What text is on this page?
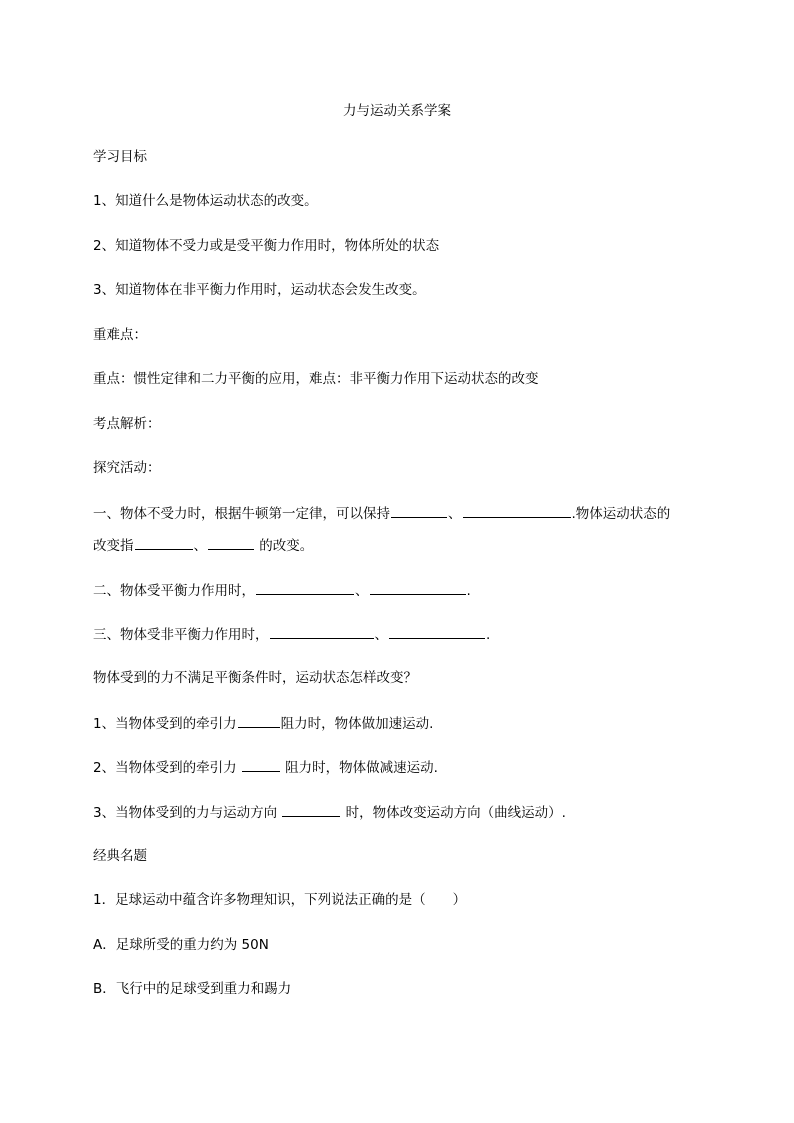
力与运动关系学案
学习目标
1、知道什么是物体运动状态的改变。
2、知道物体不受力或是受平衡力作用时，物体所处的状态
3、知道物体在非平衡力作用时，运动状态会发生改变。
重难点：
重点：惯性定律和二力平衡的应用，难点：非平衡力作用下运动状态的改变
考点解析：
探究活动：
一、物体不受力时，根据牛顿第一定律，可以保持	、	.物体运动状态的
改变指	、	的改变。
二、物体受平衡力作用时，	、	.
三、物体受非平衡力作用时，	、	.
物体受到的力不满足平衡条件时，运动状态怎样改变？
1、当物体受到的牵引力	阻力时，物体做加速运动.
2、当物体受到的牵引力	阻力时，物体做减速运动.
3、当物体受到的力与运动方向	时，物体改变运动方向（曲线运动）.
经典名题
1．足球运动中蕴含许多物理知识，下列说法正确的是（　　）
A．足球所受的重力约为 50N
B．飞行中的足球受到重力和踢力
